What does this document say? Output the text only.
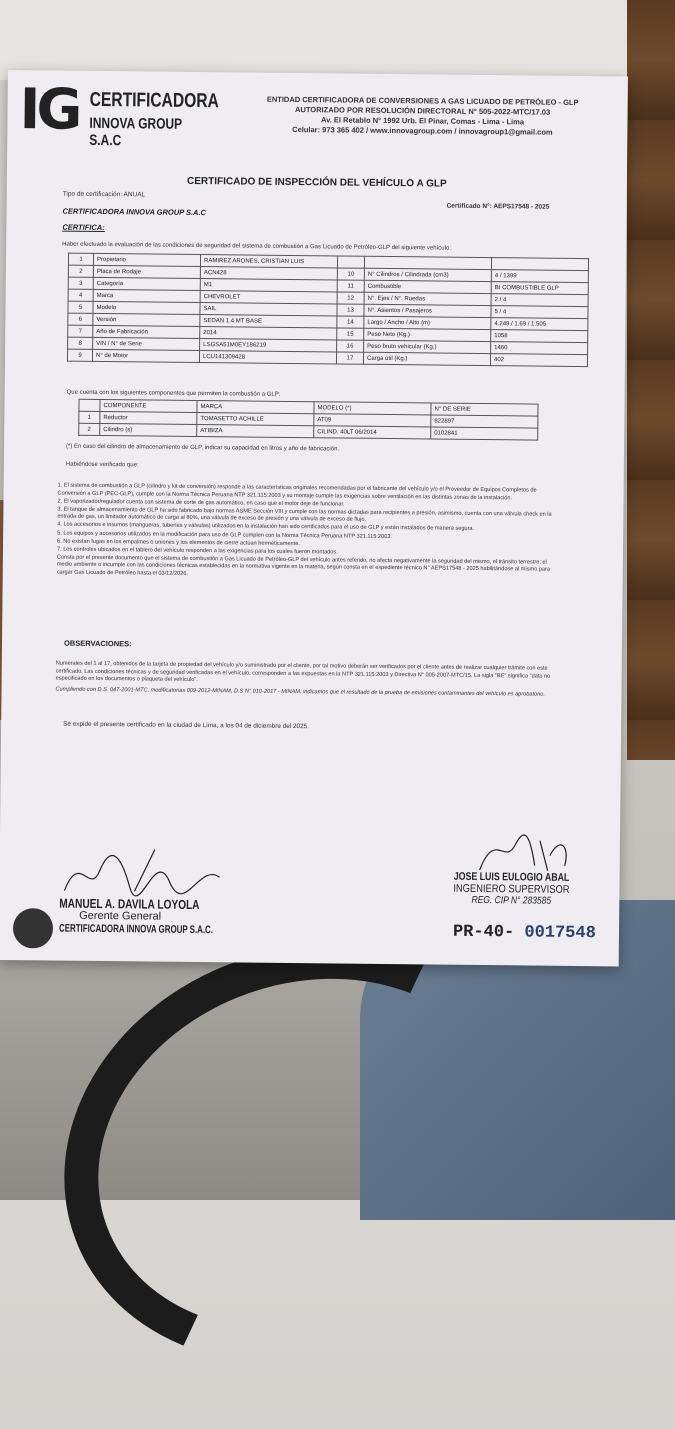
IG CERTIFICADORA
INNOVA GROUP S.A.C
ENTIDAD CERTIFICADORA DE CONVERSIONES A GAS LICUADO DE PETRÓLEO - GLP
AUTORIZADO POR RESOLUCIÓN DIRECTORAL N° 505-2022-MTC/17.03
Av. El Retablo N° 1992 Urb. El Pinar, Comas - Lima - Lima
Celular: 973 365 402 / www.innovagroup.com / innovagroup1@gmail.com
CERTIFICADO DE INSPECCIÓN DEL VEHÍCULO A GLP
Tipo de certificación: ANUAL
Certificado N°: AEPS17548 - 2025
CERTIFICADORA INNOVA GROUP S.A.C
CERTIFICA:
Haber efectuado la evaluación de las condiciones de seguridad del sistema de combustión a Gas Licuado de Petróleo-GLP del siguiente vehículo:
1	Propietario	RAMIREZ ARONES, CRISTIAN LUIS			
2	Placa de Rodaje	ACN428	10	N° Cilindros / Cilindrada (cm3)	4 / 1399
3	Categoría	M1	11	Combustible	BI COMBUSTIBLE GLP
4	Marca	CHEVROLET	12	N°. Ejes / N°. Ruedas	2 / 4
5	Modelo	SAIL	13	N°. Asientos / Pasajeros	5 / 4
6	Versión	SEDAN 1.4 MT BASE	14	Largo / Ancho / Alto (m)	4.249 / 1.69 / 1.505
7	Año de Fabricación	2014	15	Peso Neto (Kg.)	1058
8	VIN / N° de Serie	LSGSA51M0EY186219	16	Peso bruto vehicular (Kg.)	1460
9	N° de Motor	LCU141309428	17	Carga útil (Kg.)	402
Que cuenta con los siguientes componentes que permiten la combustión a GLP:
	COMPONENTE	MARCA	MODELO (*)	N° DE SERIE
1	Reductor	TOMASETTO ACHILLE	AT09	822897
2	Cilindro (s)	ATIBIZA	CILIND. 40LT 06/2014	0102841
(*) En caso del cilindro de almacenamiento de GLP, indicar su capacidad en litros y año de fabricación.
Habiéndose verificado que:
1. El sistema de combustión a GLP (cilindro y kit de conversión) responde a las características originales recomendadas por el fabricante del vehículo y/o el Proveedor de Equipos Completos de Conversión a GLP (PEC-GLP), cumple con la Norma Técnica Peruana NTP 321.115:2003 y su montaje cumple las exigencias sobre ventilación en las distintas zonas de la instalación.
2. El vaporizador/regulador cuenta con sistema de corte de gas automático, en caso que el motor deje de funcionar.
3. El tanque de almacenamiento de GLP ha sido fabricado bajo normas ASME Sección VIII y cumple con las normas dictadas para recipientes a presión, asimismo, cuenta con una válvula check en la entrada de gas, un limitador automático de carga al 80%, una válvula de exceso de presión y una válvula de exceso de flujo.
4. Los accesorios e insumos (mangueras, tuberías y válvulas) utilizados en la instalación han sido certificados para el uso de GLP y están instalados de manera segura.
5. Los equipos y accesorios utilizados en la modificación para uso de GLP cumplen con la Norma Técnica Peruana NTP 321.115:2003.
6. No existan fugas en los empalmes o uniones y los elementos de cierre actúan herméticamente.
7. Los controles ubicados en el tablero del vehículo responden a las exigencias para los cuales fueron montados.
Consta por el presente documento que el sistema de combustión a Gas Licuado de Petróleo-GLP del vehículo antes referido, no afecta negativamente la seguridad del mismo, el tránsito terrestre, el medio ambiente o incumple con las condiciones técnicas establecidas en la normativa vigente en la materia, según consta en el expediente técnico N° AEPS17548 - 2025 habilitándose al mismo para cargar Gas Licuado de Petróleo hasta el 03/12/2026.
OBSERVACIONES:
Numerales del 1 al 17, obtenidos de la tarjeta de propiedad del vehículo y/o suministrado por el cliente, por tal motivo deberán ser verificados por el cliente antes de realizar cualquier trámite con este certificado. Las condiciones técnicas y de seguridad verificadas en el vehículo, corresponden a las expuestas en la NTP 321.115:2003 y Directiva N° 005-2007-MTC/15. La sigla "BE" significa "dato no especificado en los documentos o plaqueta del vehículo".
Cumpliendo con D.S. 047-2001-MTC, modificatorias 009-2012-MINAM, D.S N° 010-2017 - MINAM, indicamos que el resultado de la prueba de emisiones contaminantes del vehículo es aprobatorio.
Se expide el presente certificado en la ciudad de Lima, a los 04 de diciembre del 2025.
MANUEL A. DAVILA LOYOLA
Gerente General
CERTIFICADORA INNOVA GROUP S.A.C.
JOSE LUIS EULOGIO ABAL
INGENIERO SUPERVISOR
REG. CIP N° 283585
PR-40- 0017548
